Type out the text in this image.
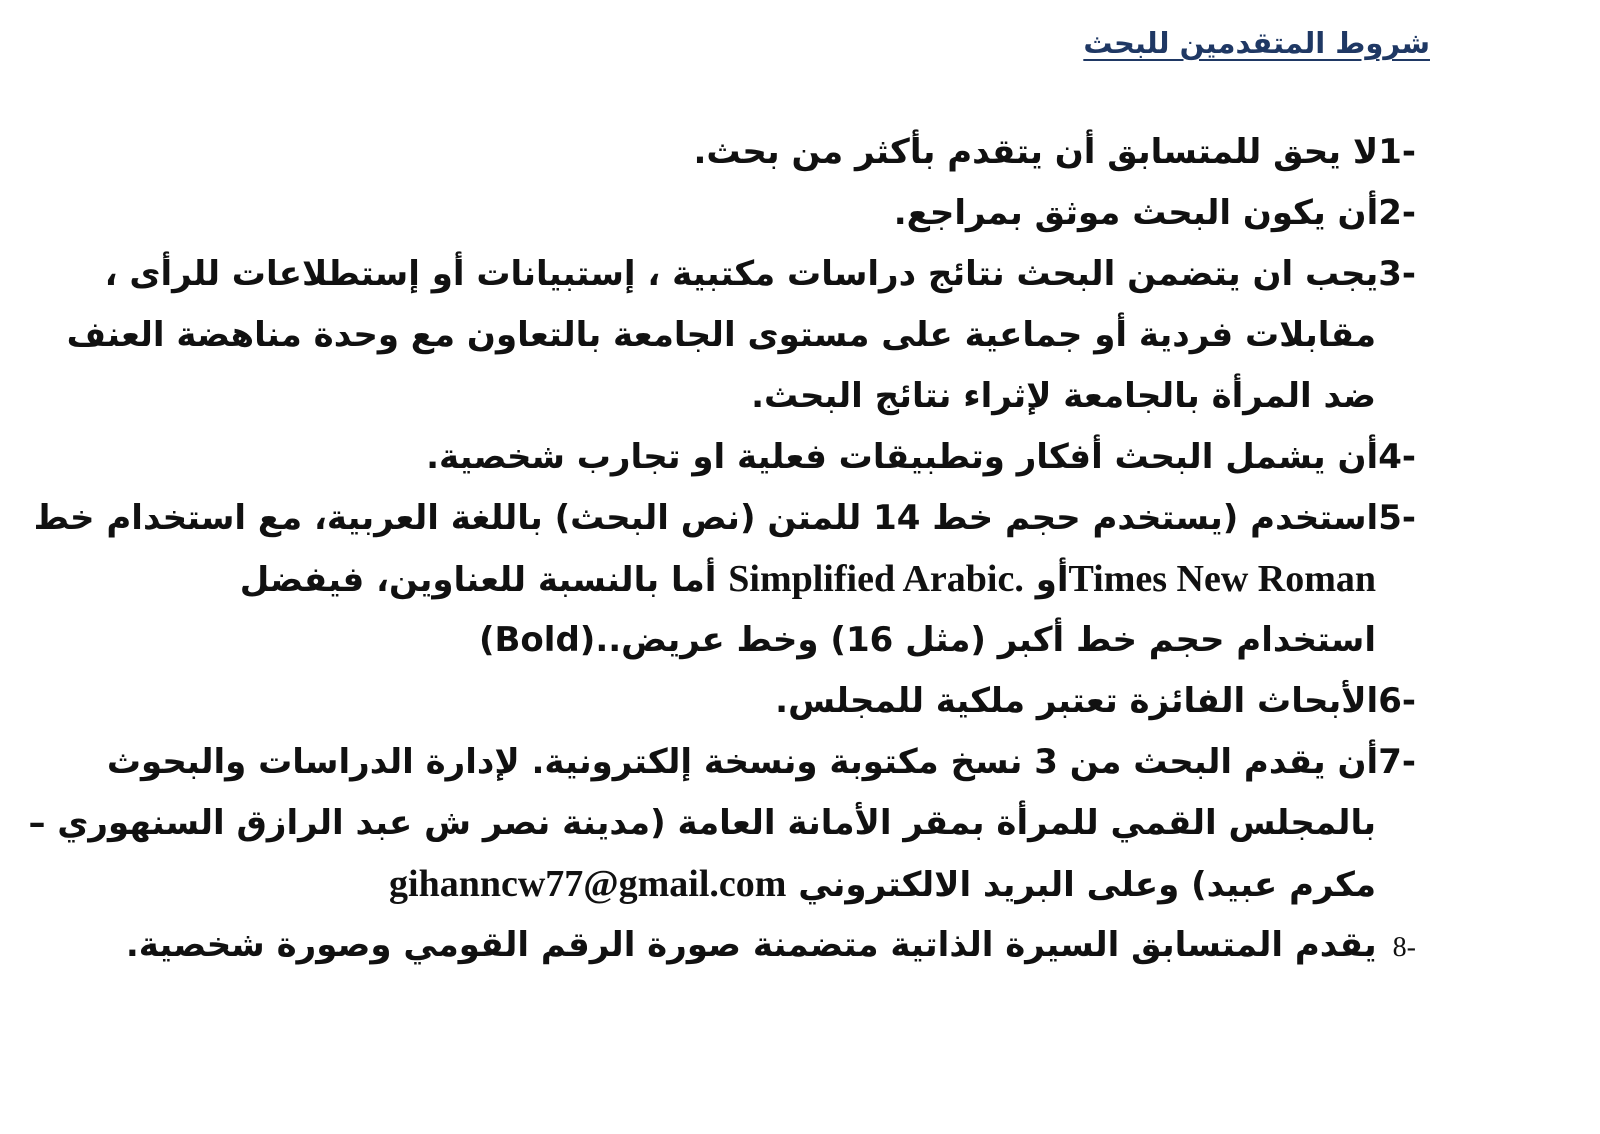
شروط المتقدمين للبحث
1-لا يحق للمتسابق أن يتقدم بأكثر من بحث.
2-أن يكون البحث موثق بمراجع.
3-يجب ان يتضمن البحث نتائج دراسات مكتبية ، إستبيانات أو إستطلاعات للرأى ،
مقابلات فردية أو جماعية على مستوى الجامعة بالتعاون مع وحدة مناهضة العنف
ضد المرأة بالجامعة لإثراء نتائج البحث.
4-أن يشمل البحث أفكار وتطبيقات فعلية او تجارب شخصية.
5-استخدم (يستخدم حجم خط 14 للمتن (نص البحث) باللغة العربية، مع استخدام خط
Times New Romanأو Simplified Arabic. أما بالنسبة للعناوين، فيفضل
استخدام حجم خط أكبر (مثل 16) وخط عريض..(Bold)
6-الأبحاث الفائزة تعتبر ملكية للمجلس.
7-أن يقدم البحث من 3 نسخ مكتوبة ونسخة إلكترونية. لإدارة الدراسات والبحوث
بالمجلس القمي للمرأة بمقر الأمانة العامة (مدينة نصر ش عبد الرازق السنهوري –
مكرم عبيد) وعلى البريد الالكتروني gihanncw77@gmail.com
8-يقدم المتسابق السيرة الذاتية متضمنة صورة الرقم القومي وصورة شخصية.
